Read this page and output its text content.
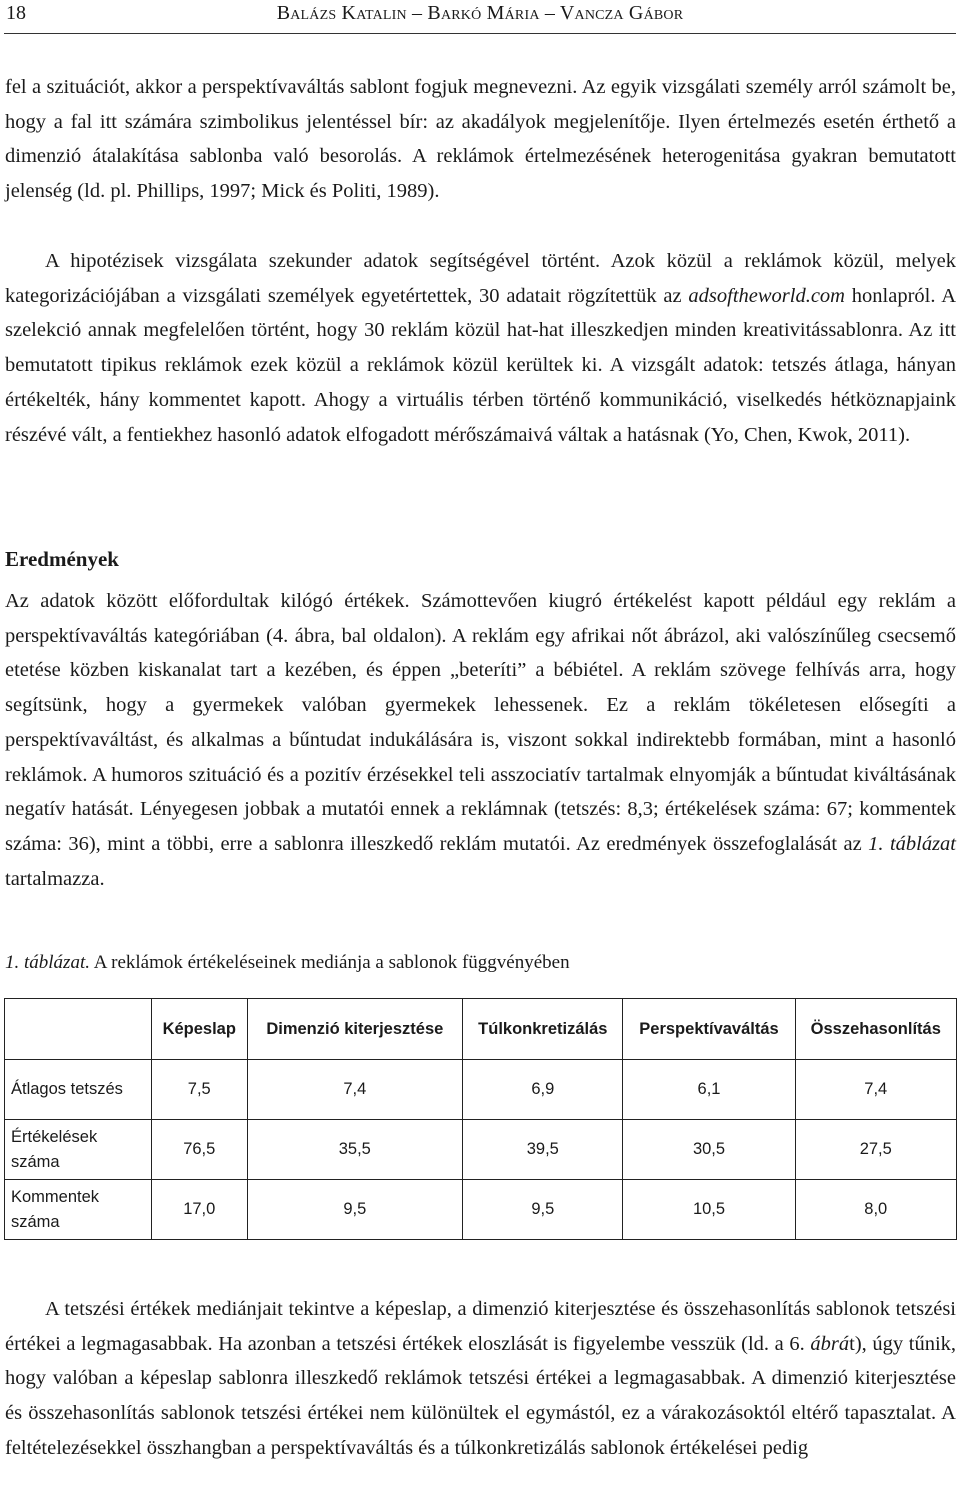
18	Balázs Katalin – Barkó Mária – Vancza Gábor

fel a szituációt, akkor a perspektívaváltás sablont fogjuk megnevezni. Az egyik vizsgálati személy arról számolt be, hogy a fal itt számára szimbolikus jelentéssel bír: az akadályok megjelenítője. Ilyen értelmezés esetén érthető a dimenzió átalakítása sablonba való besorolás. A reklámok értelmezésének heterogenitása gyakran bemutatott jelenség (ld. pl. Phillips, 1997; Mick és Politi, 1989).

A hipotézisek vizsgálata szekunder adatok segítségével történt. Azok közül a reklámok közül, melyek kategorizációjában a vizsgálati személyek egyetértettek, 30 adatait rögzítettük az adsoftheworld.com honlapról. A szelekció annak megfelelően történt, hogy 30 reklám közül hat-hat illeszkedjen minden kreativitássablonra. Az itt bemutatott tipikus reklámok ezek közül a reklámok közül kerültek ki. A vizsgált adatok: tetszés átlaga, hányan értékelték, hány kommentet kapott. Ahogy a virtuális térben történő kommunikáció, viselkedés hétköznapjaink részévé vált, a fentiekhez hasonló adatok elfogadott mérőszámaivá váltak a hatásnak (Yo, Chen, Kwok, 2011).

Eredmények

Az adatok között előfordultak kilógó értékek. Számottevően kiugró értékelést kapott például egy reklám a perspektívaváltás kategóriában (4. ábra, bal oldalon). A reklám egy afrikai nőt ábrázol, aki valószínűleg csecsemő etetése közben kiskanalat tart a kezében, és éppen „beteríti” a bébiétel. A reklám szövege felhívás arra, hogy segítsünk, hogy a gyermekek valóban gyermekek lehessenek. Ez a reklám tökéletesen elősegíti a perspektívaváltást, és alkalmas a bűntudat indukálására is, viszont sokkal indirektebb formában, mint a hasonló reklámok. A humoros szituáció és a pozitív érzésekkel teli asszociatív tartalmak elnyomják a bűntudat kiváltásának negatív hatását. Lényegesen jobbak a mutatói ennek a reklámnak (tetszés: 8,3; értékelések száma: 67; kommentek száma: 36), mint a többi, erre a sablonra illeszkedő reklám mutatói. Az eredmények összefoglalását az 1. táblázat tartalmazza.

1. táblázat. A reklámok értékeléseinek mediánja a sablonok függvényében

	Képeslap	Dimenzió kiterjesztése	Túlkonkretizálás	Perspektívaváltás	Összehasonlítás
Átlagos tetszés	7,5	7,4	6,9	6,1	7,4
Értékelések száma	76,5	35,5	39,5	30,5	27,5
Kommentek száma	17,0	9,5	9,5	10,5	8,0

A tetszési értékek mediánjait tekintve a képeslap, a dimenzió kiterjesztése és összehasonlítás sablonok tetszési értékei a legmagasabbak. Ha azonban a tetszési értékek eloszlását is figyelembe vesszük (ld. a 6. ábrát), úgy tűnik, hogy valóban a képeslap sablonra illeszkedő reklámok tetszési értékei a legmagasabbak. A dimenzió kiterjesztése és összehasonlítás sablonok tetszési értékei nem különültek el egymástól, ez a várakozásoktól eltérő tapasztalat. A feltételezésekkel összhangban a perspektívaváltás és a túlkonkretizálás sablonok értékelései pedig
